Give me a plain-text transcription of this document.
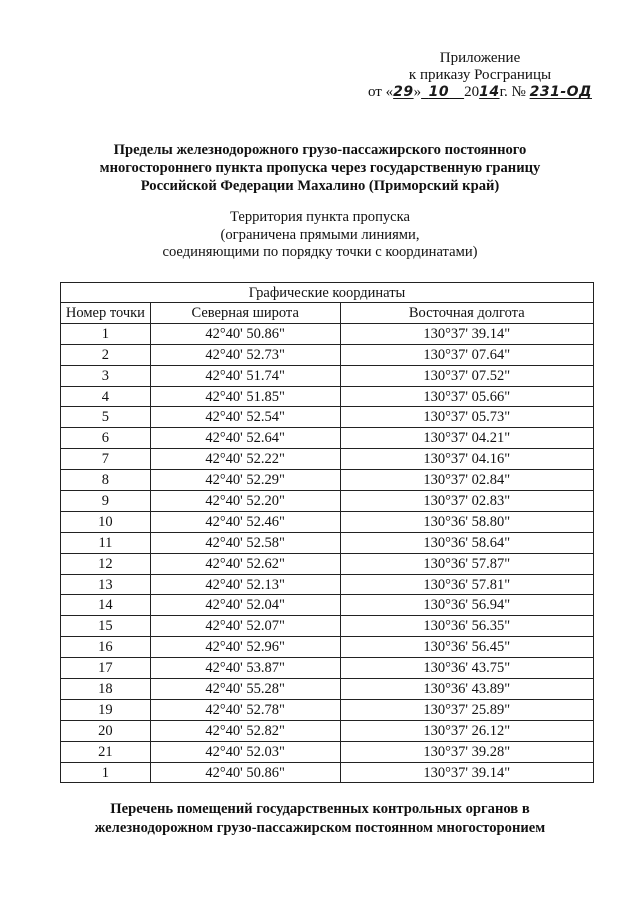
Приложение
к приказу Росграницы
от «29» 10 2014г. № 231-ОД
Пределы железнодорожного грузо-пассажирского постоянного
многостороннего пункта пропуска через государственную границу
Российской Федерации Махалино (Приморский край)
Территория пункта пропуска
(ограничена прямыми линиями,
соединяющими по порядку точки с координатами)
Графические координаты		
Номер точки	Северная широта	Восточная долгота
1	42°40' 50.86"	130°37' 39.14"
2	42°40' 52.73"	130°37' 07.64"
3	42°40' 51.74"	130°37' 07.52"
4	42°40' 51.85"	130°37' 05.66"
5	42°40' 52.54"	130°37' 05.73"
6	42°40' 52.64"	130°37' 04.21"
7	42°40' 52.22"	130°37' 04.16"
8	42°40' 52.29"	130°37' 02.84"
9	42°40' 52.20"	130°37' 02.83"
10	42°40' 52.46"	130°36' 58.80"
11	42°40' 52.58"	130°36' 58.64"
12	42°40' 52.62"	130°36' 57.87"
13	42°40' 52.13"	130°36' 57.81"
14	42°40' 52.04"	130°36' 56.94"
15	42°40' 52.07"	130°36' 56.35"
16	42°40' 52.96"	130°36' 56.45"
17	42°40' 53.87"	130°36' 43.75"
18	42°40' 55.28"	130°36' 43.89"
19	42°40' 52.78"	130°37' 25.89"
20	42°40' 52.82"	130°37' 26.12"
21	42°40' 52.03"	130°37' 39.28"
1	42°40' 50.86"	130°37' 39.14"
Перечень помещений государственных контрольных органов в
железнодорожном грузо-пассажирском постоянном многосторонием
